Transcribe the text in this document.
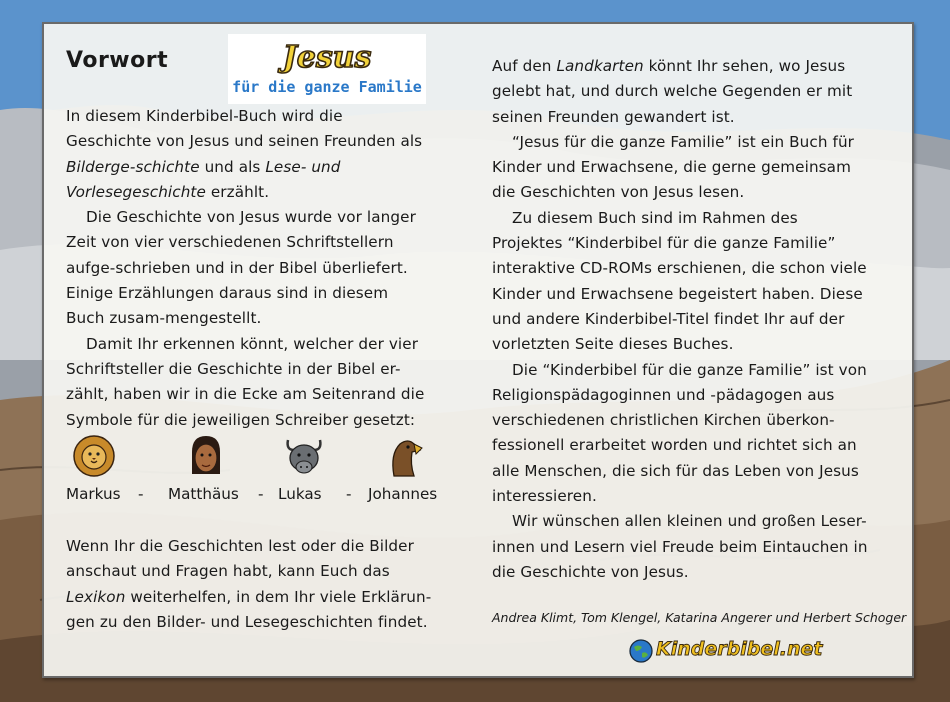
Vorwort	Jesus
für die ganze Familie

In diesem Kinderbibel-Buch wird die Geschichte von Jesus und seinen Freunden als Bilderge-schichte und als Lese- und Vorlesegeschichte erzählt.

Die Geschichte von Jesus wurde vor langer Zeit von vier verschiedenen Schriftstellern aufge-schrieben und in der Bibel überliefert. Einige Erzählungen daraus sind in diesem Buch zusam-mengestellt.

Damit Ihr erkennen könnt, welcher der vier Schriftsteller die Geschichte in der Bibel er-zählt, haben wir in die Ecke am Seitenrand die Symbole für die jeweiligen Schreiber gesetzt:

Markus - Matthäus - Lukas - Johannes

Wenn Ihr die Geschichten lest oder die Bilder anschaut und Fragen habt, kann Euch das Lexikon weiterhelfen, in dem Ihr viele Erklärun-gen zu den Bilder- und Lesegeschichten findet.

Auf den Landkarten könnt Ihr sehen, wo Jesus gelebt hat, und durch welche Gegenden er mit seinen Freunden gewandert ist.

“Jesus für die ganze Familie” ist ein Buch für Kinder und Erwachsene, die gerne gemeinsam die Geschichten von Jesus lesen.

Zu diesem Buch sind im Rahmen des Projektes “Kinderbibel für die ganze Familie” interaktive CD-ROMs erschienen, die schon viele Kinder und Erwachsene begeistert haben. Diese und andere Kinderbibel-Titel findet Ihr auf der vorletzten Seite dieses Buches.

Die “Kinderbibel für die ganze Familie” ist von Religionspädagoginnen und -pädagogen aus verschiedenen christlichen Kirchen überkon-fessionell erarbeitet worden und richtet sich an alle Menschen, die sich für das Leben von Jesus interessieren.

Wir wünschen allen kleinen und großen Leser-innen und Lesern viel Freude beim Eintauchen in die Geschichte von Jesus.

Andrea Klimt, Tom Klengel, Katarina Angerer und Herbert Schoger
Kinderbibel.net
